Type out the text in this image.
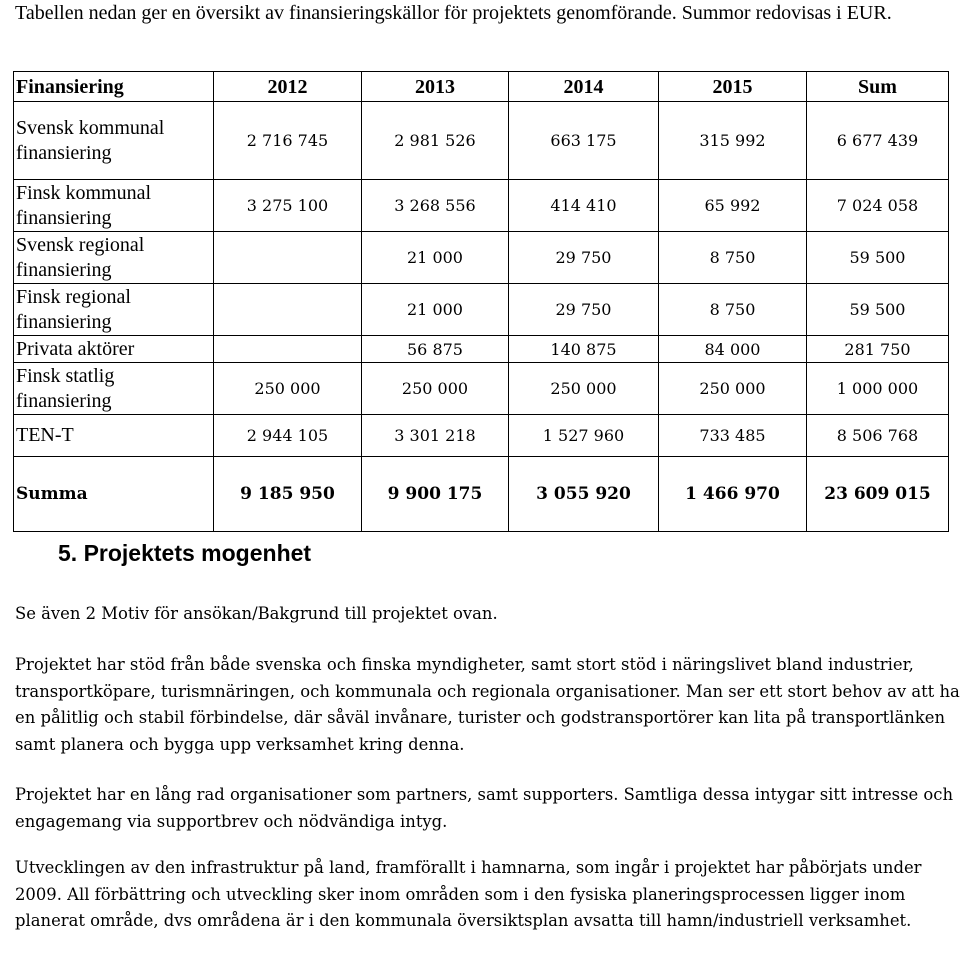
Tabellen nedan ger en översikt av finansieringskällor för projektets genomförande. Summor redovisas i EUR.

Finansiering	2012	2013	2014	2015	Sum
Svensk kommunal finansiering	2 716 745	2 981 526	663 175	315 992	6 677 439
Finsk kommunal finansiering	3 275 100	3 268 556	414 410	65 992	7 024 058
Svensk regional finansiering		21 000	29 750	8 750	59 500
Finsk regional finansiering		21 000	29 750	8 750	59 500
Privata aktörer		56 875	140 875	84 000	281 750
Finsk statlig finansiering	250 000	250 000	250 000	250 000	1 000 000
TEN-T	2 944 105	3 301 218	1 527 960	733 485	8 506 768
Summa	9 185 950	9 900 175	3 055 920	1 466 970	23 609 015
5. Projektets mogenhet

Se även 2 Motiv för ansökan/Bakgrund till projektet ovan.

Projektet har stöd från både svenska och finska myndigheter, samt stort stöd i näringslivet bland industrier, transportköpare, turismnäringen, och kommunala och regionala organisationer. Man ser ett stort behov av att ha en pålitlig och stabil förbindelse, där såväl invånare, turister och godstransportörer kan lita på transportlänken samt planera och bygga upp verksamhet kring denna.

Projektet har en lång rad organisationer som partners, samt supporters. Samtliga dessa intygar sitt intresse och engagemang via supportbrev och nödvändiga intyg.

Utvecklingen av den infrastruktur på land, framförallt i hamnarna, som ingår i projektet har påbörjats under 2009. All förbättring och utveckling sker inom områden som i den fysiska planeringsprocessen ligger inom planerat område, dvs områdena är i den kommunala översiktsplan avsatta till hamn/industriell verksamhet.
